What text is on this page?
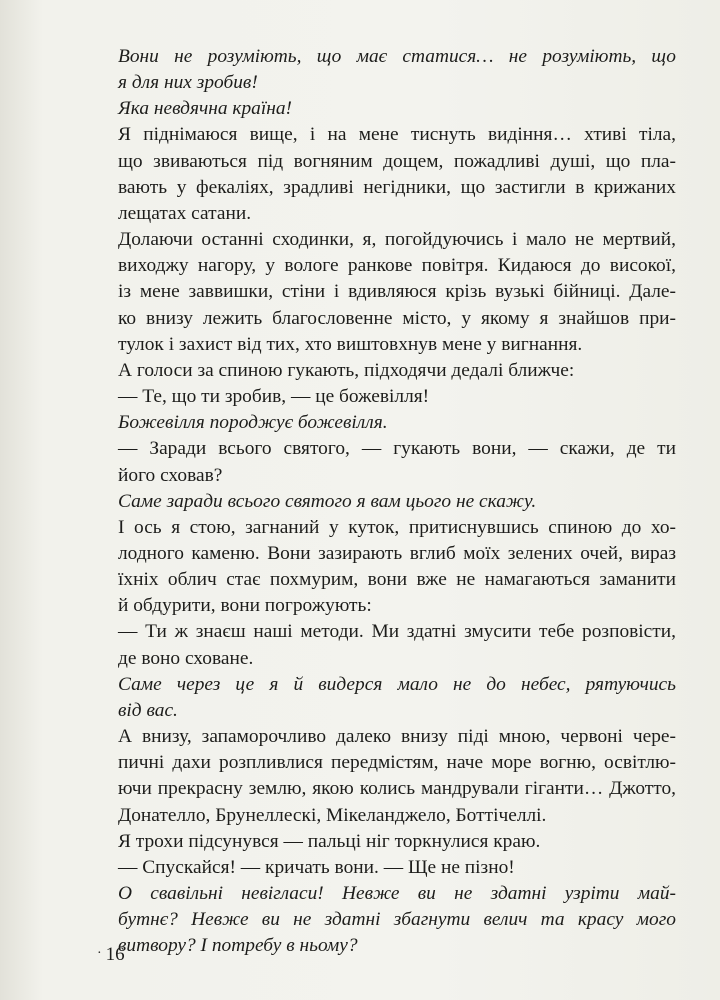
Вони не розуміють, що має статися… не розуміють, що
я для них зробив!

Яка невдячна країна!

Я піднімаюся вище, і на мене тиснуть видіння… хтиві тіла,
що звиваються під вогняним дощем, пожадливі душі, що пла-
вають у фекаліях, зрадливі негідники, що застигли в крижаних
лещатах сатани.

Долаючи останні сходинки, я, погойдуючись і мало не мертвий,
виходжу нагору, у вологе ранкове повітря. Кидаюся до високої,
із мене заввишки, стіни і вдивляюся крізь вузькі бійниці. Дале-
ко внизу лежить благословенне місто, у якому я знайшов при-
тулок і захист від тих, хто виштовхнув мене у вигнання.

А голоси за спиною гукають, підходячи дедалі ближче:

— Те, що ти зробив, — це божевілля!

Божевілля породжує божевілля.

— Заради всього святого, — гукають вони, — скажи, де ти
його сховав?

Саме заради всього святого я вам цього не скажу.

І ось я стою, загнаний у куток, притиснувшись спиною до хо-
лодного каменю. Вони зазирають вглиб моїх зелених очей, вираз
їхніх облич стає похмурим, вони вже не намагаються заманити
й обдурити, вони погрожують:

— Ти ж знаєш наші методи. Ми здатні змусити тебе розповісти,
де воно сховане.

Саме через це я й видерся мало не до небес, рятуючись
від вас.

А внизу, запаморочливо далеко внизу піді мною, червоні чере-
пичні дахи розпливлися передмістям, наче море вогню, освітлю-
ючи прекрасну землю, якою колись мандрували гіганти… Джотто,
Донателло, Брунеллескі, Мікеланджело, Боттічеллі.

Я трохи підсунувся — пальці ніг торкнулися краю.

— Спускайся! — кричать вони. — Ще не пізно!

О свавільні невігласи! Невже ви не здатні узріти май-
бутнє? Невже ви не здатні збагнути велич та красу мого
витвору? І потребу в ньому?

· 16
